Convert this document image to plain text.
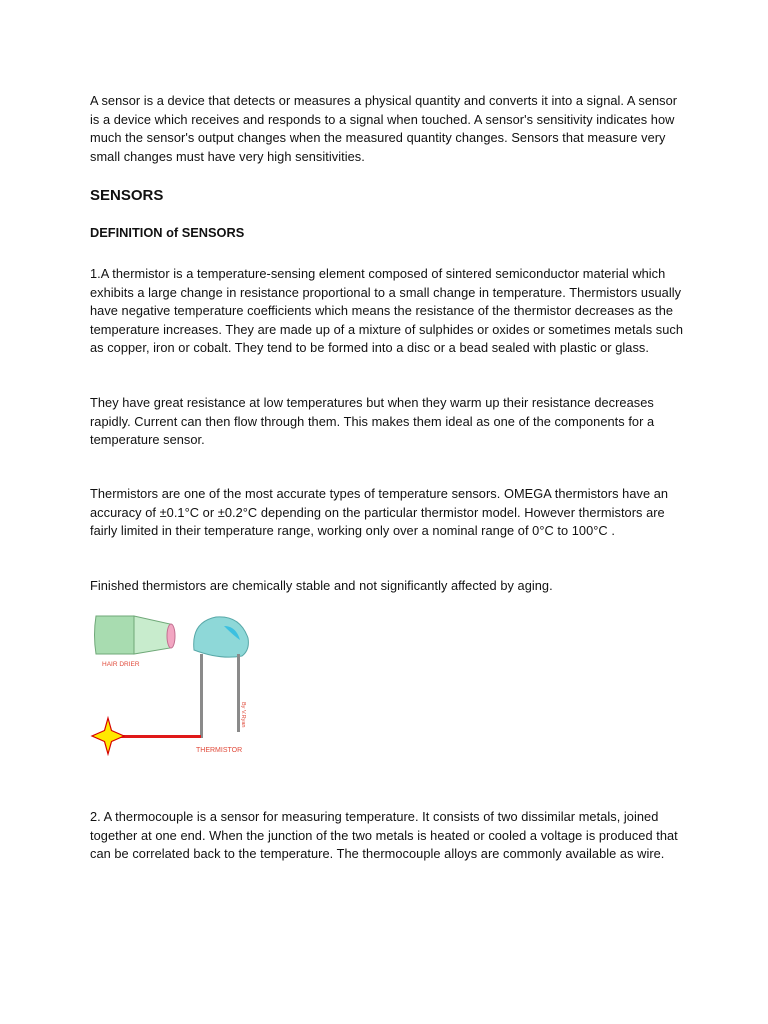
A sensor is a device that detects or measures a physical quantity and converts it into a signal. A sensor is a device which receives and responds to a signal when touched. A sensor's sensitivity indicates how much the sensor's output changes when the measured quantity changes. Sensors that measure very small changes must have very high sensitivities.

SENSORS
DEFINITION of SENSORS

1.A thermistor is a temperature-sensing element composed of sintered semiconductor material which exhibits a large change in resistance proportional to a small change in temperature. Thermistors usually have negative temperature coefficients which means the resistance of the thermistor decreases as the temperature increases. They are made up of a mixture of sulphides or oxides or sometimes metals such as copper, iron or cobalt. They tend to be formed into a disc or a bead sealed with plastic or glass.

They have great resistance at low temperatures but when they warm up their resistance decreases rapidly. Current can then flow through them. This makes them ideal as one of the components for a temperature sensor.

Thermistors are one of the most accurate types of temperature sensors. OMEGA thermistors have an accuracy of ±0.1°C or ±0.2°C depending on the particular thermistor model. However thermistors are fairly limited in their temperature range, working only over a nominal range of 0°C to 100°C .

Finished thermistors are chemically stable and not significantly affected by aging.

HAIR DRIER
THERMISTOR
By V.Ryan

2. A thermocouple is a sensor for measuring temperature. It consists of two dissimilar metals, joined together at one end. When the junction of the two metals is heated or cooled a voltage is produced that can be correlated back to the temperature. The thermocouple alloys are commonly available as wire.
